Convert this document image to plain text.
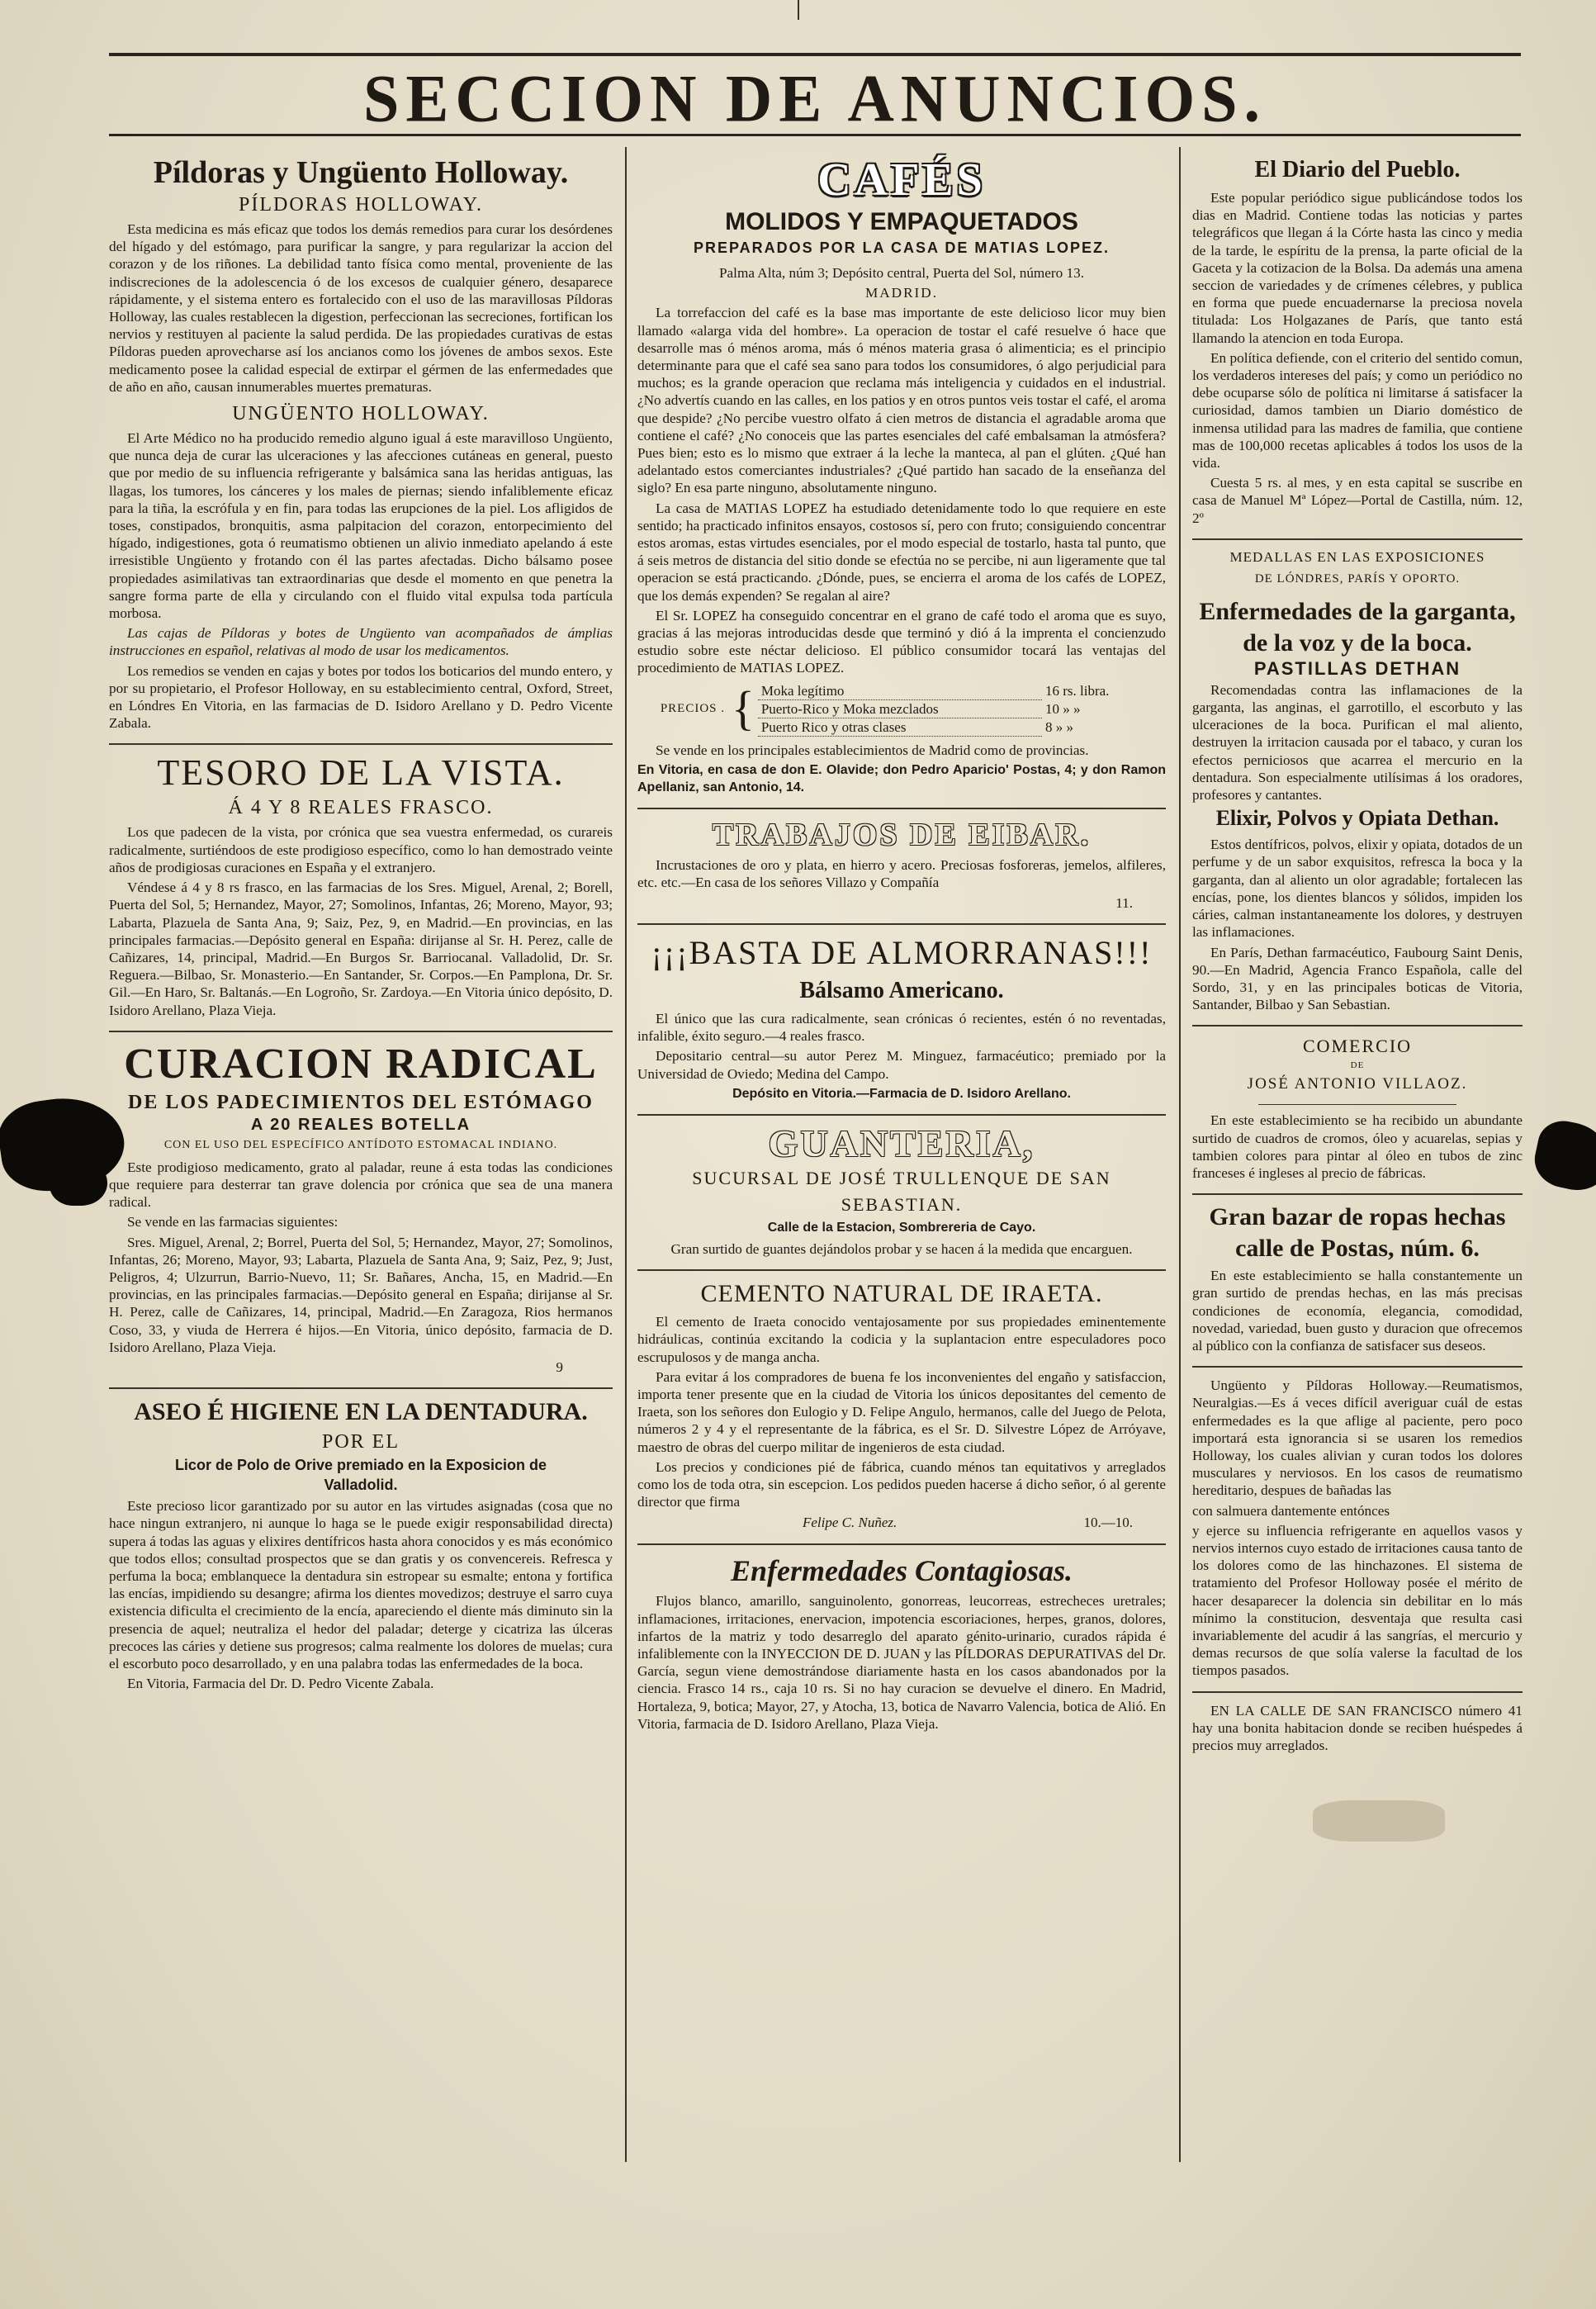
SECCION DE ANUNCIOS.
Píldoras y Ungüento Holloway.
PÍLDORAS HOLLOWAY.
Esta medicina es más eficaz que todos los demás remedios para curar los desórdenes del hígado y del estómago, para purificar la sangre, y para regularizar la accion del corazon y de los riñones. La debilidad tanto física como mental, proveniente de las indiscreciones de la adolescencia ó de los excesos de cualquier género, desaparece rápidamente, y el sistema entero es fortalecido con el uso de las maravillosas Píldoras Holloway, las cuales restablecen la digestion, perfeccionan las secreciones, fortifican los nervios y restituyen al paciente la salud perdida. De las propiedades curativas de estas Píldoras pueden aprovecharse así los ancianos como los jóvenes de ambos sexos. Este medicamento posee la calidad especial de extirpar el gérmen de las enfermedades que de año en año, causan innumerables muertes prematuras.
UNGÜENTO HOLLOWAY.
El Arte Médico no ha producido remedio alguno igual á este maravilloso Ungüento, que nunca deja de curar las ulceraciones y las afecciones cutáneas en general, puesto que por medio de su influencia refrigerante y balsámica sana las heridas antiguas, las llagas, los tumores, los cánceres y los males de piernas; siendo infaliblemente eficaz para la tiña, la escrófula y en fin, para todas las erupciones de la piel. Los afligidos de toses, constipados, bronquitis, asma palpitacion del corazon, entorpecimiento del hígado, indigestiones, gota ó reumatismo obtienen un alivio inmediato apelando á este irresistible Ungüento y frotando con él las partes afectadas. Dicho bálsamo posee propiedades asimilativas tan extraordinarias que desde el momento en que penetra la sangre forma parte de ella y circulando con el fluido vital expulsa toda partícula morbosa.
Las cajas de Píldoras y botes de Ungüento van acompañados de ámplias instrucciones en español, relativas al modo de usar los medicamentos.
Los remedios se venden en cajas y botes por todos los boticarios del mundo entero, y por su propietario, el Profesor Holloway, en su establecimiento central, Oxford, Street, en Lóndres En Vitoria, en las farmacias de D. Isidoro Arellano y D. Pedro Vicente Zabala.
TESORO DE LA VISTA.
Á 4 Y 8 REALES FRASCO.
Los que padecen de la vista, por crónica que sea vuestra enfermedad, os curareis radicalmente, surtiéndoos de este prodigioso específico, como lo han demostrado veinte años de prodigiosas curaciones en España y el extranjero.
Véndese á 4 y 8 rs frasco, en las farmacias de los Sres. Miguel, Arenal, 2; Borell, Puerta del Sol, 5; Hernandez, Mayor, 27; Somolinos, Infantas, 26; Moreno, Mayor, 93; Labarta, Plazuela de Santa Ana, 9; Saiz, Pez, 9, en Madrid.—En provincias, en las principales farmacias.—Depósito general en España: dirijanse al Sr. H. Perez, calle de Cañizares, 14, principal, Madrid.—En Burgos Sr. Barriocanal. Valladolid, Dr. Sr. Reguera.—Bilbao, Sr. Monasterio.—En Santander, Sr. Corpos.—En Pamplona, Dr. Sr. Gil.—En Haro, Sr. Baltanás.—En Logroño, Sr. Zardoya.—En Vitoria único depósito, D. Isidoro Arellano, Plaza Vieja.
CURACION RADICAL
DE LOS PADECIMIENTOS DEL ESTÓMAGO
A 20 REALES BOTELLA
CON EL USO DEL ESPECÍFICO ANTÍDOTO ESTOMACAL INDIANO.
Este prodigioso medicamento, grato al paladar, reune á esta todas las condiciones que requiere para desterrar tan grave dolencia por crónica que sea de una manera radical.
Se vende en las farmacias siguientes:
Sres. Miguel, Arenal, 2; Borrel, Puerta del Sol, 5; Hernandez, Mayor, 27; Somolinos, Infantas, 26; Moreno, Mayor, 93; Labarta, Plazuela de Santa Ana, 9; Saiz, Pez, 9; Just, Peligros, 4; Ulzurrun, Barrio-Nuevo, 11; Sr. Bañares, Ancha, 15, en Madrid.—En provincias, en las principales farmacias.—Depósito general en España; dirijanse al Sr. H. Perez, calle de Cañizares, 14, principal, Madrid.—En Zaragoza, Rios hermanos Coso, 33, y viuda de Herrera é hijos.—En Vitoria, único depósito, farmacia de D. Isidoro Arellano, Plaza Vieja.
9
ASEO É HIGIENE EN LA DENTADURA.
POR EL
Licor de Polo de Orive premiado en la Exposicion de Valladolid.
Este precioso licor garantizado por su autor en las virtudes asignadas (cosa que no hace ningun extranjero, ni aunque lo haga se le puede exigir responsabilidad directa) supera á todas las aguas y elixires dentífricos hasta ahora conocidos y es más económico que todos ellos; consultad prospectos que se dan gratis y os convencereis. Refresca y perfuma la boca; emblanquece la dentadura sin estropear su esmalte; entona y fortifica las encías, impidiendo su desangre; afirma los dientes movedizos; destruye el sarro cuya existencia dificulta el crecimiento de la encía, apareciendo el diente más diminuto sin la presencia de aquel; neutraliza el hedor del paladar; deterge y cicatriza las úlceras precoces las cáries y detiene sus progresos; calma realmente los dolores de muelas; cura el escorbuto poco desarrollado, y en una palabra todas las enfermedades de la boca.
En Vitoria, Farmacia del Dr. D. Pedro Vicente Zabala.
CAFÉS
MOLIDOS Y EMPAQUETADOS
PREPARADOS POR LA CASA DE MATIAS LOPEZ.
Palma Alta, núm 3; Depósito central, Puerta del Sol, número 13.
MADRID.
La torrefaccion del café es la base mas importante de este delicioso licor muy bien llamado «alarga vida del hombre». La operacion de tostar el café resuelve ó hace que desarrolle mas ó ménos aroma, más ó ménos materia grasa ó alimenticia; es el principio determinante para que el café sea sano para todos los consumidores, ó algo perjudicial para muchos; es la grande operacion que reclama más inteligencia y cuidados en el industrial. ¿No advertís cuando en las calles, en los patios y en otros puntos veis tostar el café, el aroma que despide? ¿No percibe vuestro olfato á cien metros de distancia el agradable aroma que contiene el café? ¿No conoceis que las partes esenciales del café embalsaman la atmósfera? Pues bien; esto es lo mismo que extraer á la leche la manteca, al pan el glúten. ¿Qué han adelantado estos comerciantes industriales? ¿Qué partido han sacado de la enseñanza del siglo? En esa parte ninguno, absolutamente ninguno.
La casa de MATIAS LOPEZ ha estudiado detenidamente todo lo que requiere en este sentido; ha practicado infinitos ensayos, costosos sí, pero con fruto; consiguiendo concentrar estos aromas, estas virtudes esenciales, por el modo especial de tostarlo, hasta tal punto, que á seis metros de distancia del sitio donde se efectúa no se percibe, ni aun ligeramente que tal operacion se está practicando. ¿Dónde, pues, se encierra el aroma de los cafés de LOPEZ, que los demás expenden? Se regalan al aire?
El Sr. LOPEZ ha conseguido concentrar en el grano de café todo el aroma que es suyo, gracias á las mejoras introducidas desde que terminó y dió á la imprenta el concienzudo estudio sobre este néctar delicioso. El público consumidor tocará las ventajas del procedimiento de MATIAS LOPEZ.
PRECIOS .	{	Moka legítimo	16 rs. libra.
		Puerto-Rico y Moka mezclados	10 » »
		Puerto Rico y otras clases	8 » »
Se vende en los principales establecimientos de Madrid como de provincias.
En Vitoria, en casa de don E. Olavide; don Pedro Aparicio' Postas, 4; y don Ramon Apellaniz, san Antonio, 14.
TRABAJOS DE EIBAR.
Incrustaciones de oro y plata, en hierro y acero. Preciosas fosforeras, jemelos, alfileres, etc. etc.—En casa de los señores Villazo y Compañía
11.
¡¡¡BASTA DE ALMORRANAS!!!
Bálsamo Americano.
El único que las cura radicalmente, sean crónicas ó recientes, estén ó no reventadas, infalible, éxito seguro.—4 reales frasco.
Depositario central—su autor Perez M. Minguez, farmacéutico; premiado por la Universidad de Oviedo; Medina del Campo.
Depósito en Vitoria.—Farmacia de D. Isidoro Arellano.
GUANTERIA,
SUCURSAL DE JOSÉ TRULLENQUE DE SAN SEBASTIAN.
Calle de la Estacion, Sombrereria de Cayo.
Gran surtido de guantes dejándolos probar y se hacen á la medida que encarguen.
CEMENTO NATURAL DE IRAETA.
El cemento de Iraeta conocido ventajosamente por sus propiedades eminentemente hidráulicas, continúa excitando la codicia y la suplantacion entre especuladores poco escrupulosos y de manga ancha.
Para evitar á los compradores de buena fe los inconvenientes del engaño y satisfaccion, importa tener presente que en la ciudad de Vitoria los únicos depositantes del cemento de Iraeta, son los señores don Eulogio y D. Felipe Angulo, hermanos, calle del Juego de Pelota, números 2 y 4 y el representante de la fábrica, es el Sr. D. Silvestre López de Arróyave, maestro de obras del cuerpo militar de ingenieros de esta ciudad.
Los precios y condiciones pié de fábrica, cuando ménos tan equitativos y arreglados como los de toda otra, sin escepcion. Los pedidos pueden hacerse á dicho señor, ó al gerente director que firma
Felipe C. Nuñez.	10.—10.
Enfermedades Contagiosas.
Flujos blanco, amarillo, sanguinolento, gonorreas, leucorreas, estrecheces uretrales; inflamaciones, irritaciones, enervacion, impotencia escoriaciones, herpes, granos, dolores, infartos de la matriz y todo desarreglo del aparato génito-urinario, curados rápida é infaliblemente con la INYECCION DE D. JUAN y las PÍLDORAS DEPURATIVAS del Dr. García, segun viene demostrándose diariamente hasta en los casos abandonados por la ciencia. Frasco 14 rs., caja 10 rs. Si no hay curacion se devuelve el dinero. En Madrid, Hortaleza, 9, botica; Mayor, 27, y Atocha, 13, botica de Navarro Valencia, botica de Alió. En Vitoria, farmacia de D. Isidoro Arellano, Plaza Vieja.
El Diario del Pueblo.
Este popular periódico sigue publicándose todos los dias en Madrid. Contiene todas las noticias y partes telegráficos que llegan á la Córte hasta las cinco y media de la tarde, le espíritu de la prensa, la parte oficial de la Gaceta y la cotizacion de la Bolsa. Da además una amena seccion de variedades y de crímenes célebres, y publica en forma que puede encuadernarse la preciosa novela titulada: Los Holgazanes de París, que tanto está llamando la atencion en toda Europa.
En política defiende, con el criterio del sentido comun, los verdaderos intereses del país; y como un periódico no debe ocuparse sólo de política ni limitarse á satisfacer la curiosidad, damos tambien un Diario doméstico de inmensa utilidad para las madres de familia, que contiene mas de 100,000 recetas aplicables á todos los usos de la vida.
Cuesta 5 rs. al mes, y en esta capital se suscribe en casa de Manuel Mª López—Portal de Castilla, núm. 12, 2º
MEDALLAS EN LAS EXPOSICIONES
DE LÓNDRES, PARÍS Y OPORTO.
Enfermedades de la garganta, de la voz y de la boca.
PASTILLAS DETHAN
Recomendadas contra las inflamaciones de la garganta, las anginas, el garrotillo, el escorbuto y las ulceraciones de la boca. Purifican el mal aliento, destruyen la irritacion causada por el tabaco, y curan los efectos perniciosos que acarrea el mercurio en la dentadura. Son especialmente utilísimas á los oradores, profesores y cantantes.
Elixir, Polvos y Opiata Dethan.
Estos dentífricos, polvos, elixir y opiata, dotados de un perfume y de un sabor exquisitos, refresca la boca y la garganta, dan al aliento un olor agradable; fortalecen las encías, pone, los dientes blancos y sólidos, impiden los cáries, calman instantaneamente los dolores, y destruyen las inflamaciones.
En París, Dethan farmacéutico, Faubourg Saint Denis, 90.—En Madrid, Agencia Franco Española, calle del Sordo, 31, y en las principales boticas de Vitoria, Santander, Bilbao y San Sebastian.
COMERCIO
DE
JOSÉ ANTONIO VILLAOZ.
En este establecimiento se ha recibido un abundante surtido de cuadros de cromos, óleo y acuarelas, sepias y tambien colores para pintar al óleo en tubos de zinc franceses é ingleses al precio de fábricas.
Gran bazar de ropas hechas calle de Postas, núm. 6.
En este establecimiento se halla constantemente un gran surtido de prendas hechas, en las más precisas condiciones de economía, elegancia, comodidad, novedad, variedad, buen gusto y duracion que ofrecemos al público con la confianza de satisfacer sus deseos.
Ungüento y Píldoras Holloway.—Reumatismos, Neuralgias.—Es á veces difícil averiguar cuál de estas enfermedades es la que aflige al paciente, pero poco importará esta ignorancia si se usaren los remedios Holloway, los cuales alivian y curan todos los dolores musculares y nerviosos. En los casos de reumatismo hereditario, despues de bañadas las
con salmuera dantemente entónces
y ejerce su influencia refrigerante en aquellos vasos y nervios internos cuyo estado de irritaciones causa tanto de los dolores como de las hinchazones. El sistema de tratamiento del Profesor Holloway posée el mérito de hacer desaparecer la dolencia sin debilitar en lo más mínimo la constitucion, desventaja que resulta casi invariablemente del acudir á las sangrías, el mercurio y demas recursos de que solía valerse la facultad de los tiempos pasados.
EN LA CALLE DE SAN FRANCISCO número 41 hay una bonita habitacion donde se reciben huéspedes á precios muy arreglados.
